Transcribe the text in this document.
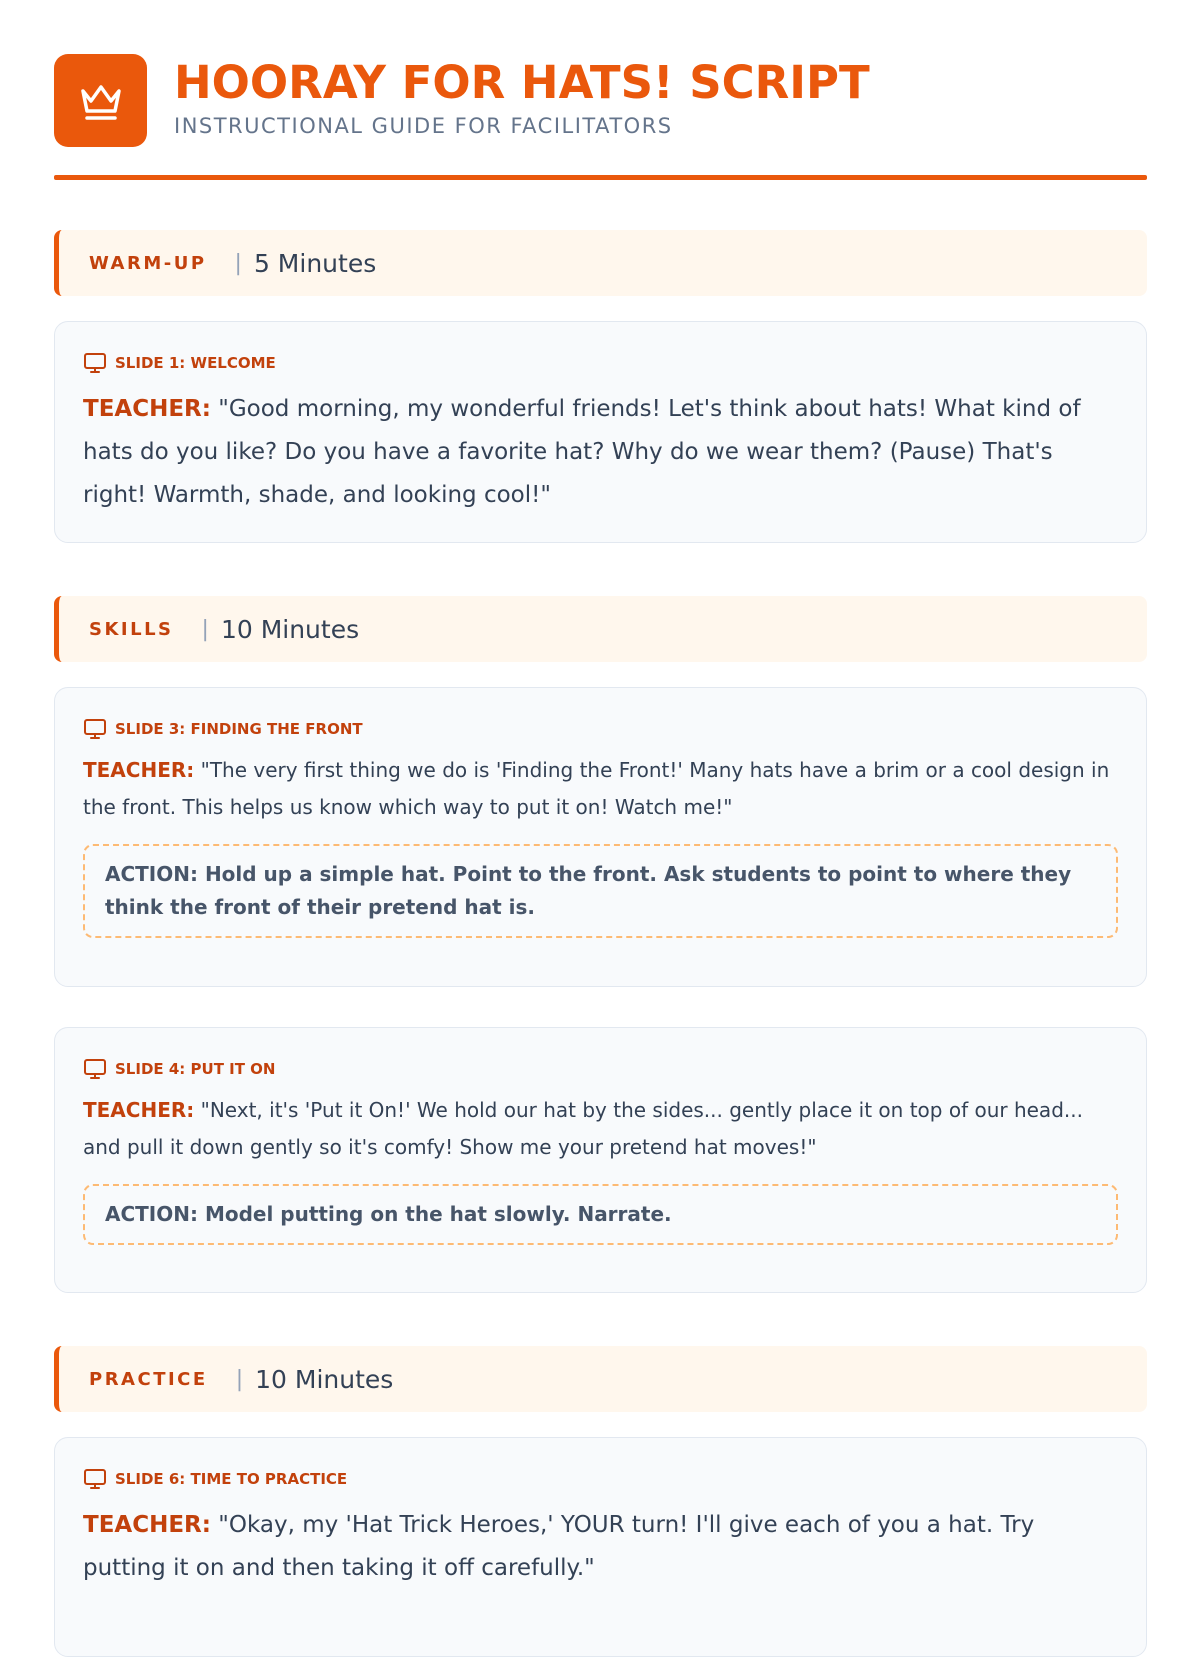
HOORAY FOR HATS! SCRIPT
INSTRUCTIONAL GUIDE FOR FACILITATORS
WARM-UP | 5 Minutes
SLIDE 1: WELCOME

TEACHER: "Good morning, my wonderful friends! Let's think about hats! What kind of hats do you like? Do you have a favorite hat? Why do we wear them? (Pause) That's right! Warmth, shade, and looking cool!"

SKILLS | 10 Minutes
SLIDE 3: FINDING THE FRONT

TEACHER: "The very first thing we do is 'Finding the Front!' Many hats have a brim or a cool design in the front. This helps us know which way to put it on! Watch me!"

ACTION: Hold up a simple hat. Point to the front. Ask students to point to where they think the front of their pretend hat is.
SLIDE 4: PUT IT ON

TEACHER: "Next, it's 'Put it On!' We hold our hat by the sides... gently place it on top of our head... and pull it down gently so it's comfy! Show me your pretend hat moves!"

ACTION: Model putting on the hat slowly. Narrate.
PRACTICE | 10 Minutes
SLIDE 6: TIME TO PRACTICE

TEACHER: "Okay, my 'Hat Trick Heroes,' YOUR turn! I'll give each of you a hat. Try putting it on and then taking it off carefully."
